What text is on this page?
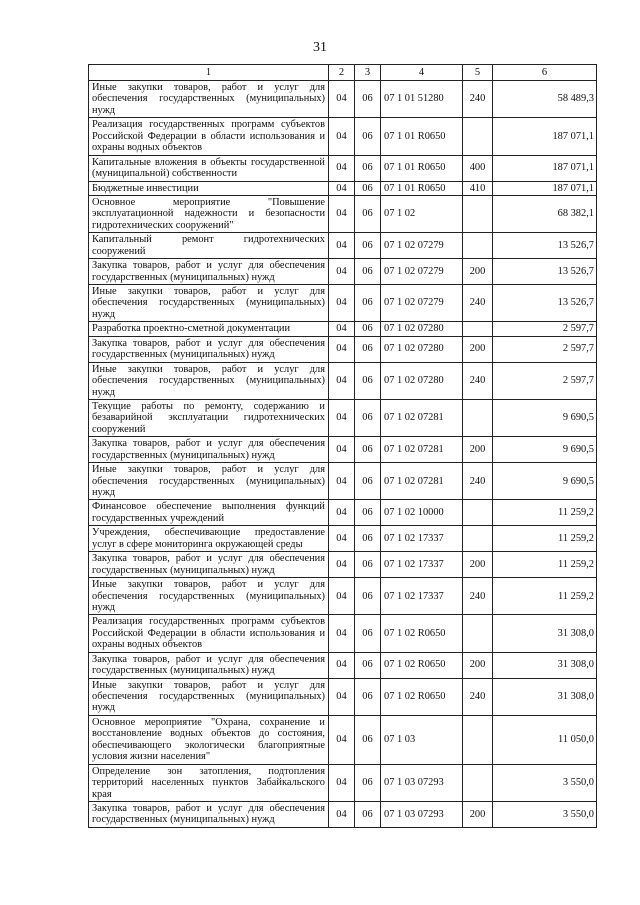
31
1	2	3	4	5	6
Иные закупки товаров, работ и услуг для обеспечения государственных (муниципальных) нужд	04	06	07 1 01 51280	240	58 489,3
Реализация государственных программ субъектов Российской Федерации в области использования и охраны водных объектов	04	06	07 1 01 R0650		187 071,1
Капитальные вложения в объекты государственной (муниципальной) собственности	04	06	07 1 01 R0650	400	187 071,1
Бюджетные инвестиции	04	06	07 1 01 R0650	410	187 071,1
Основное мероприятие "Повышение эксплуатационной надежности и безопасности гидротехнических сооружений"	04	06	07 1 02		68 382,1
Капитальный ремонт гидротехнических сооружений	04	06	07 1 02 07279		13 526,7
Закупка товаров, работ и услуг для обеспечения государственных (муниципальных) нужд	04	06	07 1 02 07279	200	13 526,7
Иные закупки товаров, работ и услуг для обеспечения государственных (муниципальных) нужд	04	06	07 1 02 07279	240	13 526,7
Разработка проектно-сметной документации	04	06	07 1 02 07280		2 597,7
Закупка товаров, работ и услуг для обеспечения государственных (муниципальных) нужд	04	06	07 1 02 07280	200	2 597,7
Иные закупки товаров, работ и услуг для обеспечения государственных (муниципальных) нужд	04	06	07 1 02 07280	240	2 597,7
Текущие работы по ремонту, содержанию и безаварийной эксплуатации гидротехнических сооружений	04	06	07 1 02 07281		9 690,5
Закупка товаров, работ и услуг для обеспечения государственных (муниципальных) нужд	04	06	07 1 02 07281	200	9 690,5
Иные закупки товаров, работ и услуг для обеспечения государственных (муниципальных) нужд	04	06	07 1 02 07281	240	9 690,5
Финансовое обеспечение выполнения функций государственных учреждений	04	06	07 1 02 10000		11 259,2
Учреждения, обеспечивающие предоставление услуг в сфере мониторинга окружающей среды	04	06	07 1 02 17337		11 259,2
Закупка товаров, работ и услуг для обеспечения государственных (муниципальных) нужд	04	06	07 1 02 17337	200	11 259,2
Иные закупки товаров, работ и услуг для обеспечения государственных (муниципальных) нужд	04	06	07 1 02 17337	240	11 259,2
Реализация государственных программ субъектов Российской Федерации в области использования и охраны водных объектов	04	06	07 1 02 R0650		31 308,0
Закупка товаров, работ и услуг для обеспечения государственных (муниципальных) нужд	04	06	07 1 02 R0650	200	31 308,0
Иные закупки товаров, работ и услуг для обеспечения государственных (муниципальных) нужд	04	06	07 1 02 R0650	240	31 308,0
Основное мероприятие "Охрана, сохранение и восстановление водных объектов до состояния, обеспечивающего экологически благоприятные условия жизни населения"	04	06	07 1 03		11 050,0
Определение зон затопления, подтопления территорий населенных пунктов Забайкальского края	04	06	07 1 03 07293		3 550,0
Закупка товаров, работ и услуг для обеспечения государственных (муниципальных) нужд	04	06	07 1 03 07293	200	3 550,0
